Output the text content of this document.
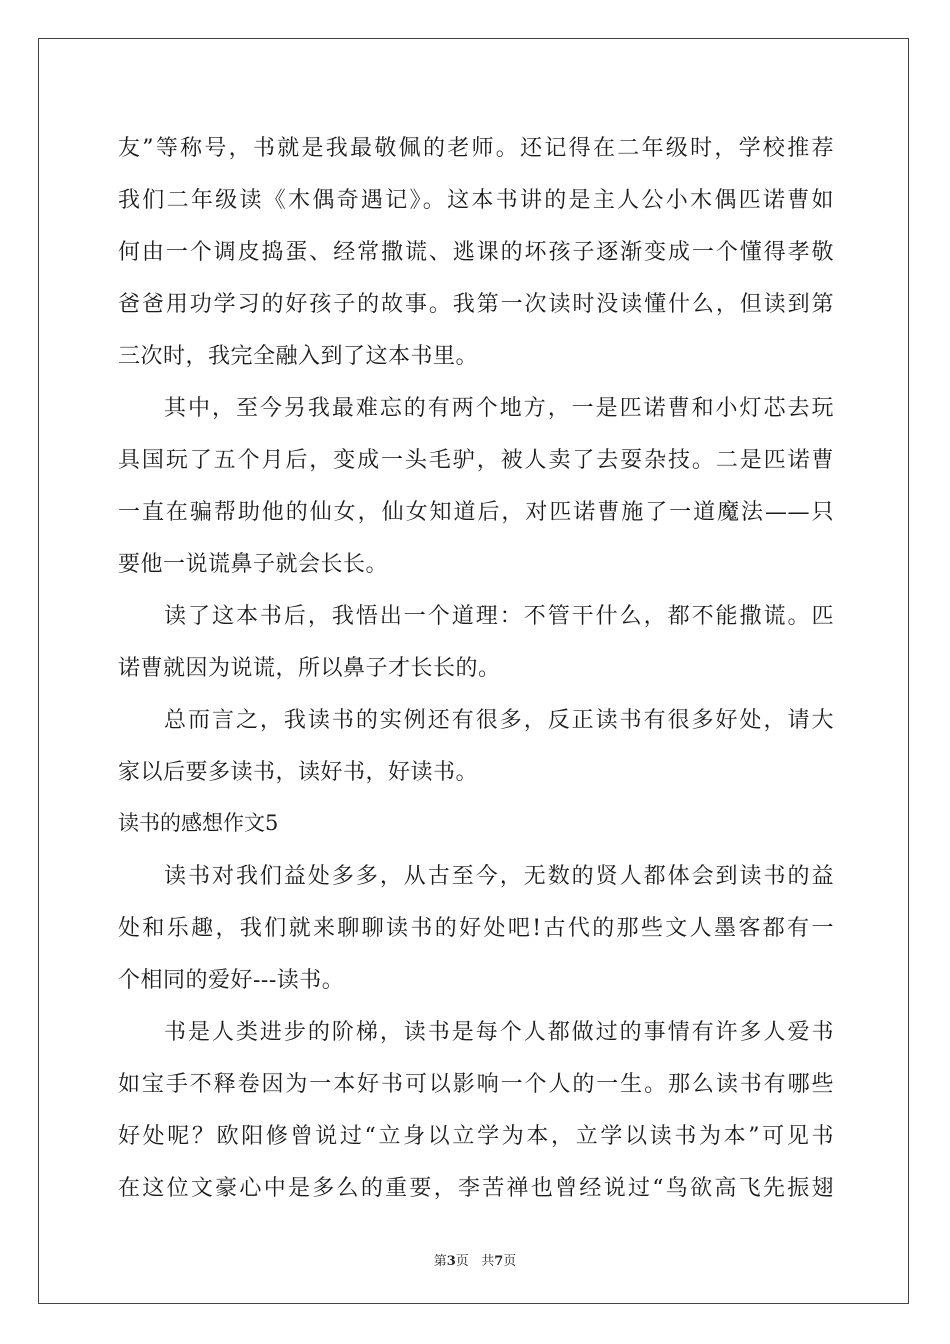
友”等称号，书就是我最敬佩的老师。还记得在二年级时，学校推荐
我们二年级读《木偶奇遇记》。这本书讲的是主人公小木偶匹诺曹如
何由一个调皮捣蛋、经常撒谎、逃课的坏孩子逐渐变成一个懂得孝敬
爸爸用功学习的好孩子的故事。我第一次读时没读懂什么，但读到第
三次时，我完全融入到了这本书里。
其中，至今另我最难忘的有两个地方，一是匹诺曹和小灯芯去玩
具国玩了五个月后，变成一头毛驴，被人卖了去耍杂技。二是匹诺曹
一直在骗帮助他的仙女，仙女知道后，对匹诺曹施了一道魔法——只
要他一说谎鼻子就会长长。
读了这本书后，我悟出一个道理：不管干什么，都不能撒谎。匹
诺曹就因为说谎，所以鼻子才长长的。
总而言之，我读书的实例还有很多，反正读书有很多好处，请大
家以后要多读书，读好书，好读书。
读书的感想作文5
读书对我们益处多多，从古至今，无数的贤人都体会到读书的益
处和乐趣，我们就来聊聊读书的好处吧!古代的那些文人墨客都有一
个相同的爱好---读书。
书是人类进步的阶梯，读书是每个人都做过的事情有许多人爱书
如宝手不释卷因为一本好书可以影响一个人的一生。那么读书有哪些
好处呢？欧阳修曾说过“立身以立学为本，立学以读书为本”可见书
在这位文豪心中是多么的重要，李苦禅也曾经说过“鸟欲高飞先振翅
第3页 共7页
